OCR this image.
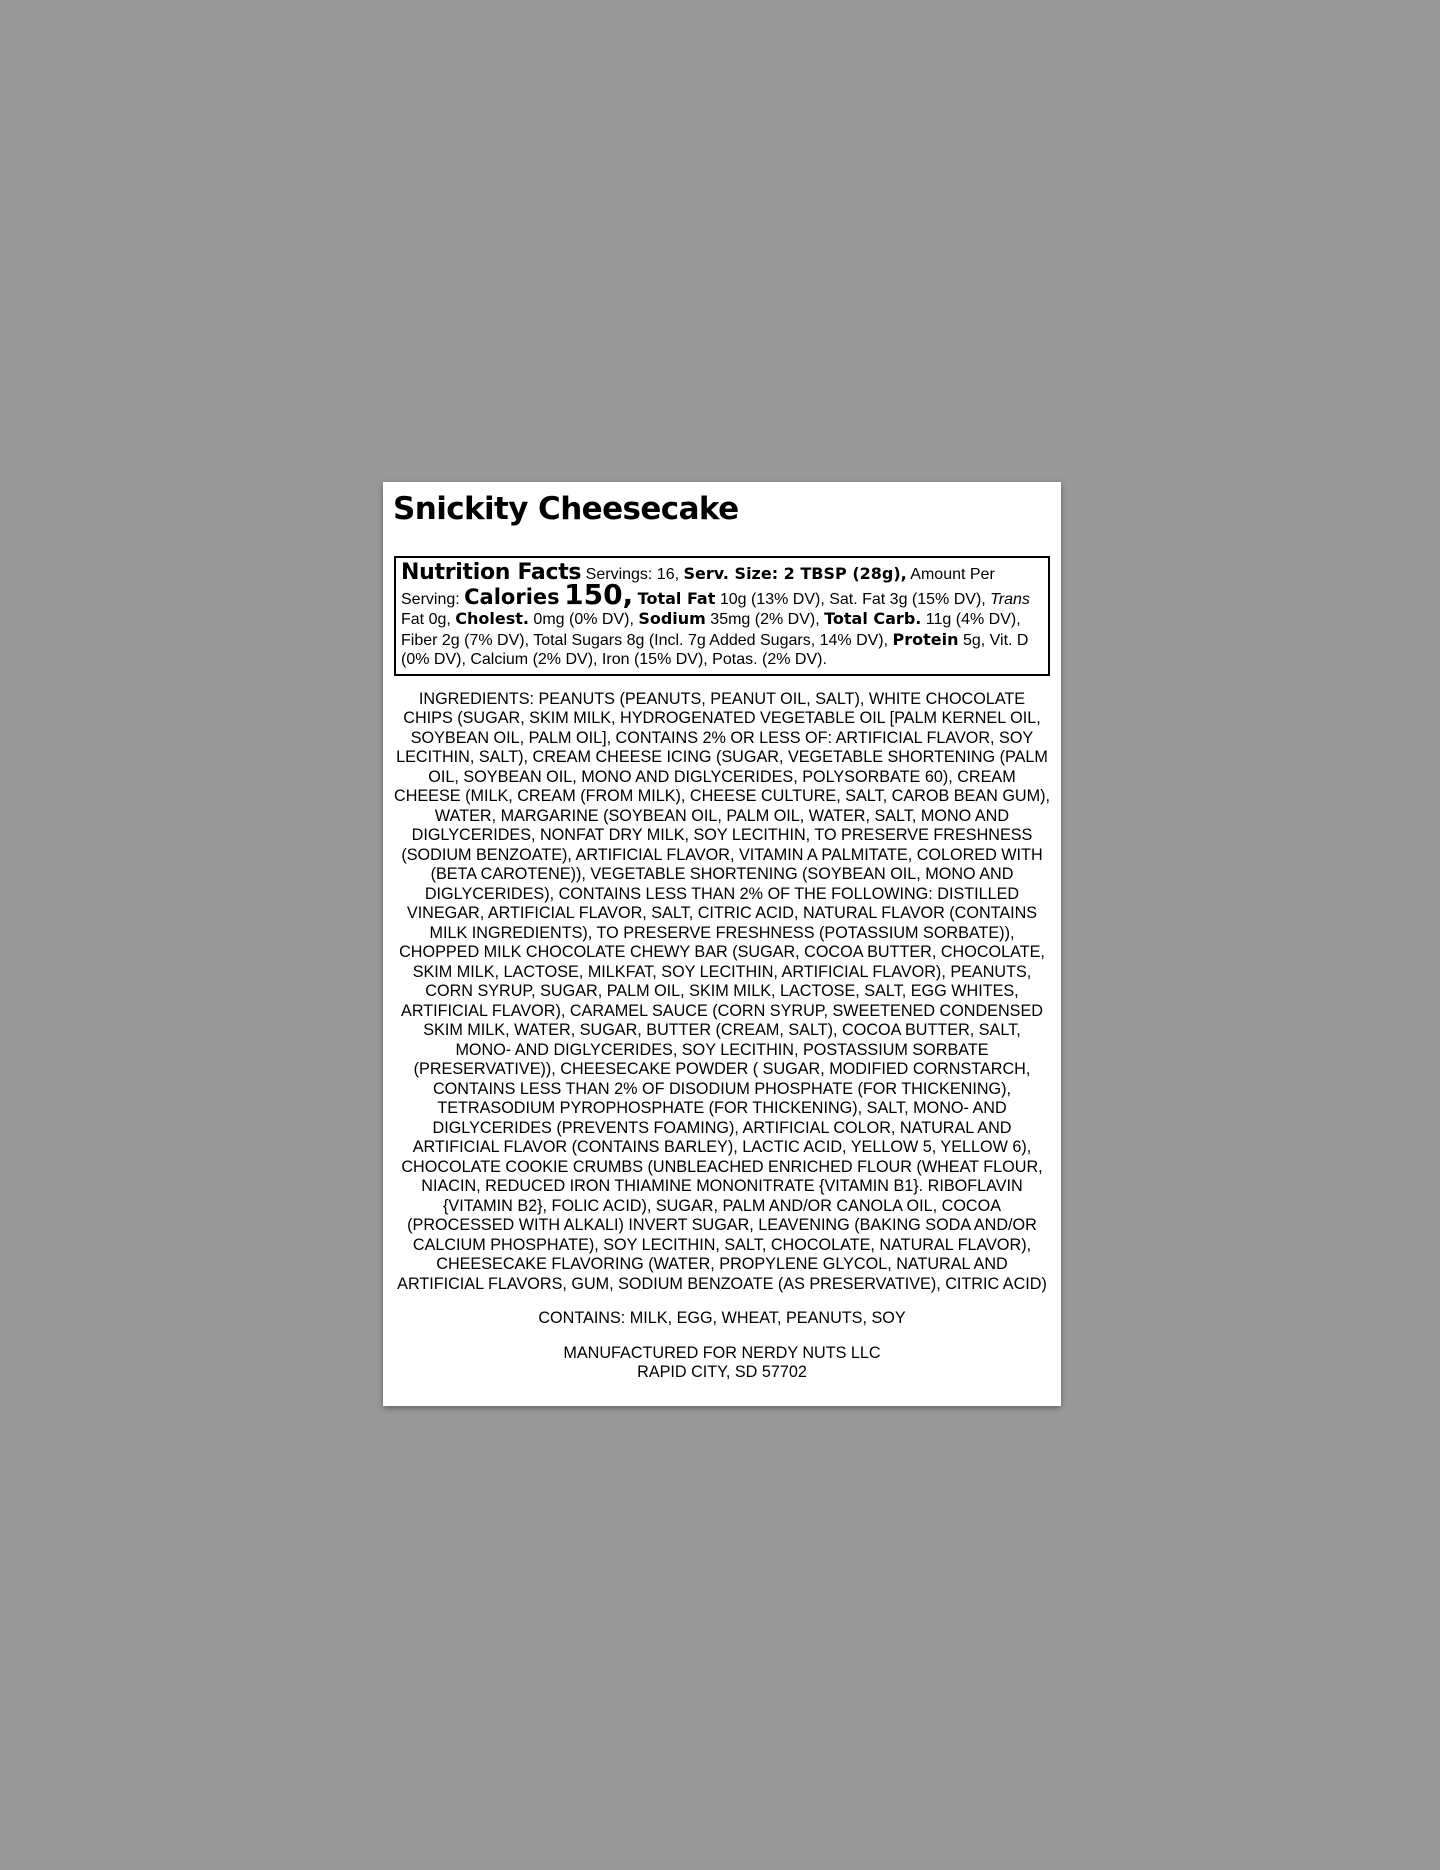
Snickity Cheesecake
Nutrition Facts Servings: 16, Serv. Size: 2 TBSP (28g), Amount Per Serving: Calories 150, Total Fat 10g (13% DV), Sat. Fat 3g (15% DV), Trans Fat 0g, Cholest. 0mg (0% DV), Sodium 35mg (2% DV), Total Carb. 11g (4% DV), Fiber 2g (7% DV), Total Sugars 8g (Incl. 7g Added Sugars, 14% DV), Protein 5g, Vit. D (0% DV), Calcium (2% DV), Iron (15% DV), Potas. (2% DV).
INGREDIENTS: PEANUTS (PEANUTS, PEANUT OIL, SALT), WHITE CHOCOLATE CHIPS (SUGAR, SKIM MILK, HYDROGENATED VEGETABLE OIL [PALM KERNEL OIL, SOYBEAN OIL, PALM OIL], CONTAINS 2% OR LESS OF: ARTIFICIAL FLAVOR, SOY LECITHIN, SALT), CREAM CHEESE ICING (SUGAR, VEGETABLE SHORTENING (PALM OIL, SOYBEAN OIL, MONO AND DIGLYCERIDES, POLYSORBATE 60), CREAM CHEESE (MILK, CREAM (FROM MILK), CHEESE CULTURE, SALT, CAROB BEAN GUM), WATER, MARGARINE (SOYBEAN OIL, PALM OIL, WATER, SALT, MONO AND DIGLYCERIDES, NONFAT DRY MILK, SOY LECITHIN, TO PRESERVE FRESHNESS (SODIUM BENZOATE), ARTIFICIAL FLAVOR, VITAMIN A PALMITATE, COLORED WITH (BETA CAROTENE)), VEGETABLE SHORTENING (SOYBEAN OIL, MONO AND DIGLYCERIDES), CONTAINS LESS THAN 2% OF THE FOLLOWING: DISTILLED VINEGAR, ARTIFICIAL FLAVOR, SALT, CITRIC ACID, NATURAL FLAVOR (CONTAINS MILK INGREDIENTS), TO PRESERVE FRESHNESS (POTASSIUM SORBATE)), CHOPPED MILK CHOCOLATE CHEWY BAR (SUGAR, COCOA BUTTER, CHOCOLATE, SKIM MILK, LACTOSE, MILKFAT, SOY LECITHIN, ARTIFICIAL FLAVOR), PEANUTS, CORN SYRUP, SUGAR, PALM OIL, SKIM MILK, LACTOSE, SALT, EGG WHITES, ARTIFICIAL FLAVOR), CARAMEL SAUCE (CORN SYRUP, SWEETENED CONDENSED SKIM MILK, WATER, SUGAR, BUTTER (CREAM, SALT), COCOA BUTTER, SALT, MONO- AND DIGLYCERIDES, SOY LECITHIN, POSTASSIUM SORBATE (PRESERVATIVE)), CHEESECAKE POWDER ( SUGAR, MODIFIED CORNSTARCH, CONTAINS LESS THAN 2% OF DISODIUM PHOSPHATE (FOR THICKENING), TETRASODIUM PYROPHOSPHATE (FOR THICKENING), SALT, MONO- AND DIGLYCERIDES (PREVENTS FOAMING), ARTIFICIAL COLOR, NATURAL AND ARTIFICIAL FLAVOR (CONTAINS BARLEY), LACTIC ACID, YELLOW 5, YELLOW 6), CHOCOLATE COOKIE CRUMBS (UNBLEACHED ENRICHED FLOUR (WHEAT FLOUR, NIACIN, REDUCED IRON THIAMINE MONONITRATE {VITAMIN B1}. RIBOFLAVIN {VITAMIN B2}, FOLIC ACID), SUGAR, PALM AND/OR CANOLA OIL, COCOA (PROCESSED WITH ALKALI) INVERT SUGAR, LEAVENING (BAKING SODA AND/OR CALCIUM PHOSPHATE), SOY LECITHIN, SALT, CHOCOLATE, NATURAL FLAVOR), CHEESECAKE FLAVORING (WATER, PROPYLENE GLYCOL, NATURAL AND ARTIFICIAL FLAVORS, GUM, SODIUM BENZOATE (AS PRESERVATIVE), CITRIC ACID)
CONTAINS: MILK, EGG, WHEAT, PEANUTS, SOY
MANUFACTURED FOR NERDY NUTS LLC
RAPID CITY, SD 57702
